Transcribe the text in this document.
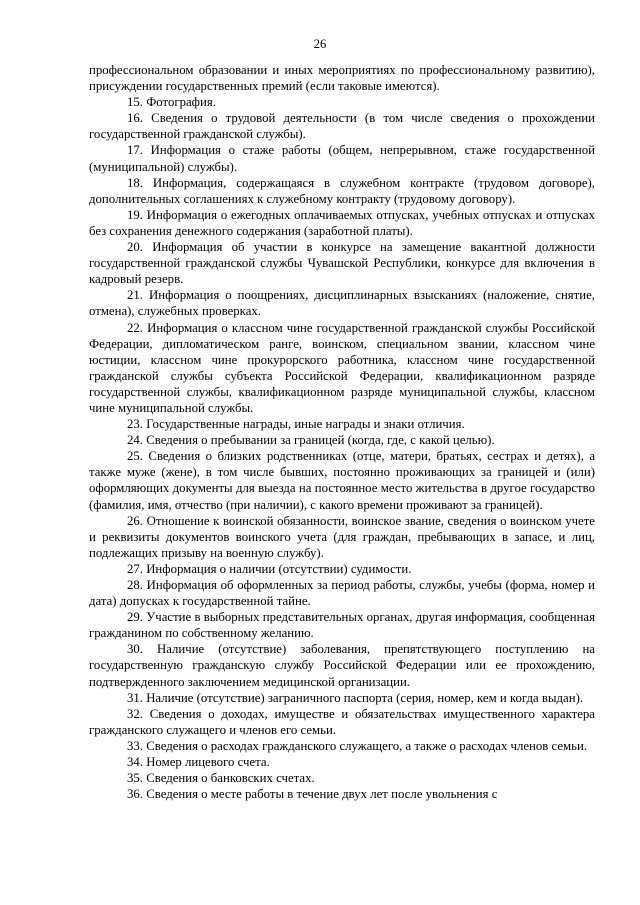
26

профессиональном образовании и иных мероприятиях по профессиональному развитию), присуждении государственных премий (если таковые имеются).

15. Фотография.

16. Сведения о трудовой деятельности (в том числе сведения о прохождении государственной гражданской службы).

17. Информация о стаже работы (общем, непрерывном, стаже государственной (муниципальной) службы).

18. Информация, содержащаяся в служебном контракте (трудовом договоре), дополнительных соглашениях к служебному контракту (трудовому договору).

19. Информация о ежегодных оплачиваемых отпусках, учебных отпусках и отпусках без сохранения денежного содержания (заработной платы).

20. Информация об участии в конкурсе на замещение вакантной должности государственной гражданской службы Чувашской Республики, конкурсе для включения в кадровый резерв.

21. Информация о поощрениях, дисциплинарных взысканиях (наложение, снятие, отмена), служебных проверках.

22. Информация о классном чине государственной гражданской службы Российской Федерации, дипломатическом ранге, воинском, специальном звании, классном чине юстиции, классном чине прокурорского работника, классном чине государственной гражданской службы субъекта Российской Федерации, квалификационном разряде государственной службы, квалификационном разряде муниципальной службы, классном чине муниципальной службы.

23. Государственные награды, иные награды и знаки отличия.

24. Сведения о пребывании за границей (когда, где, с какой целью).

25. Сведения о близких родственниках (отце, матери, братьях, сестрах и детях), а также муже (жене), в том числе бывших, постоянно проживающих за границей и (или) оформляющих документы для выезда на постоянное место жительства в другое государство (фамилия, имя, отчество (при наличии), с какого времени проживают за границей).

26. Отношение к воинской обязанности, воинское звание, сведения о воинском учете и реквизиты документов воинского учета (для граждан, пребывающих в запасе, и лиц, подлежащих призыву на военную службу).

27. Информация о наличии (отсутствии) судимости.

28. Информация об оформленных за период работы, службы, учебы (форма, номер и дата) допусках к государственной тайне.

29. Участие в выборных представительных органах, другая информация, сообщенная гражданином по собственному желанию.

30. Наличие (отсутствие) заболевания, препятствующего поступлению на государственную гражданскую службу Российской Федерации или ее прохождению, подтвержденного заключением медицинской организации.

31. Наличие (отсутствие) заграничного паспорта (серия, номер, кем и когда выдан).

32. Сведения о доходах, имуществе и обязательствах имущественного характера гражданского служащего и членов его семьи.

33. Сведения о расходах гражданского служащего, а также о расходах членов семьи.

34. Номер лицевого счета.

35. Сведения о банковских счетах.

36. Сведения о месте работы в течение двух лет после увольнения с
